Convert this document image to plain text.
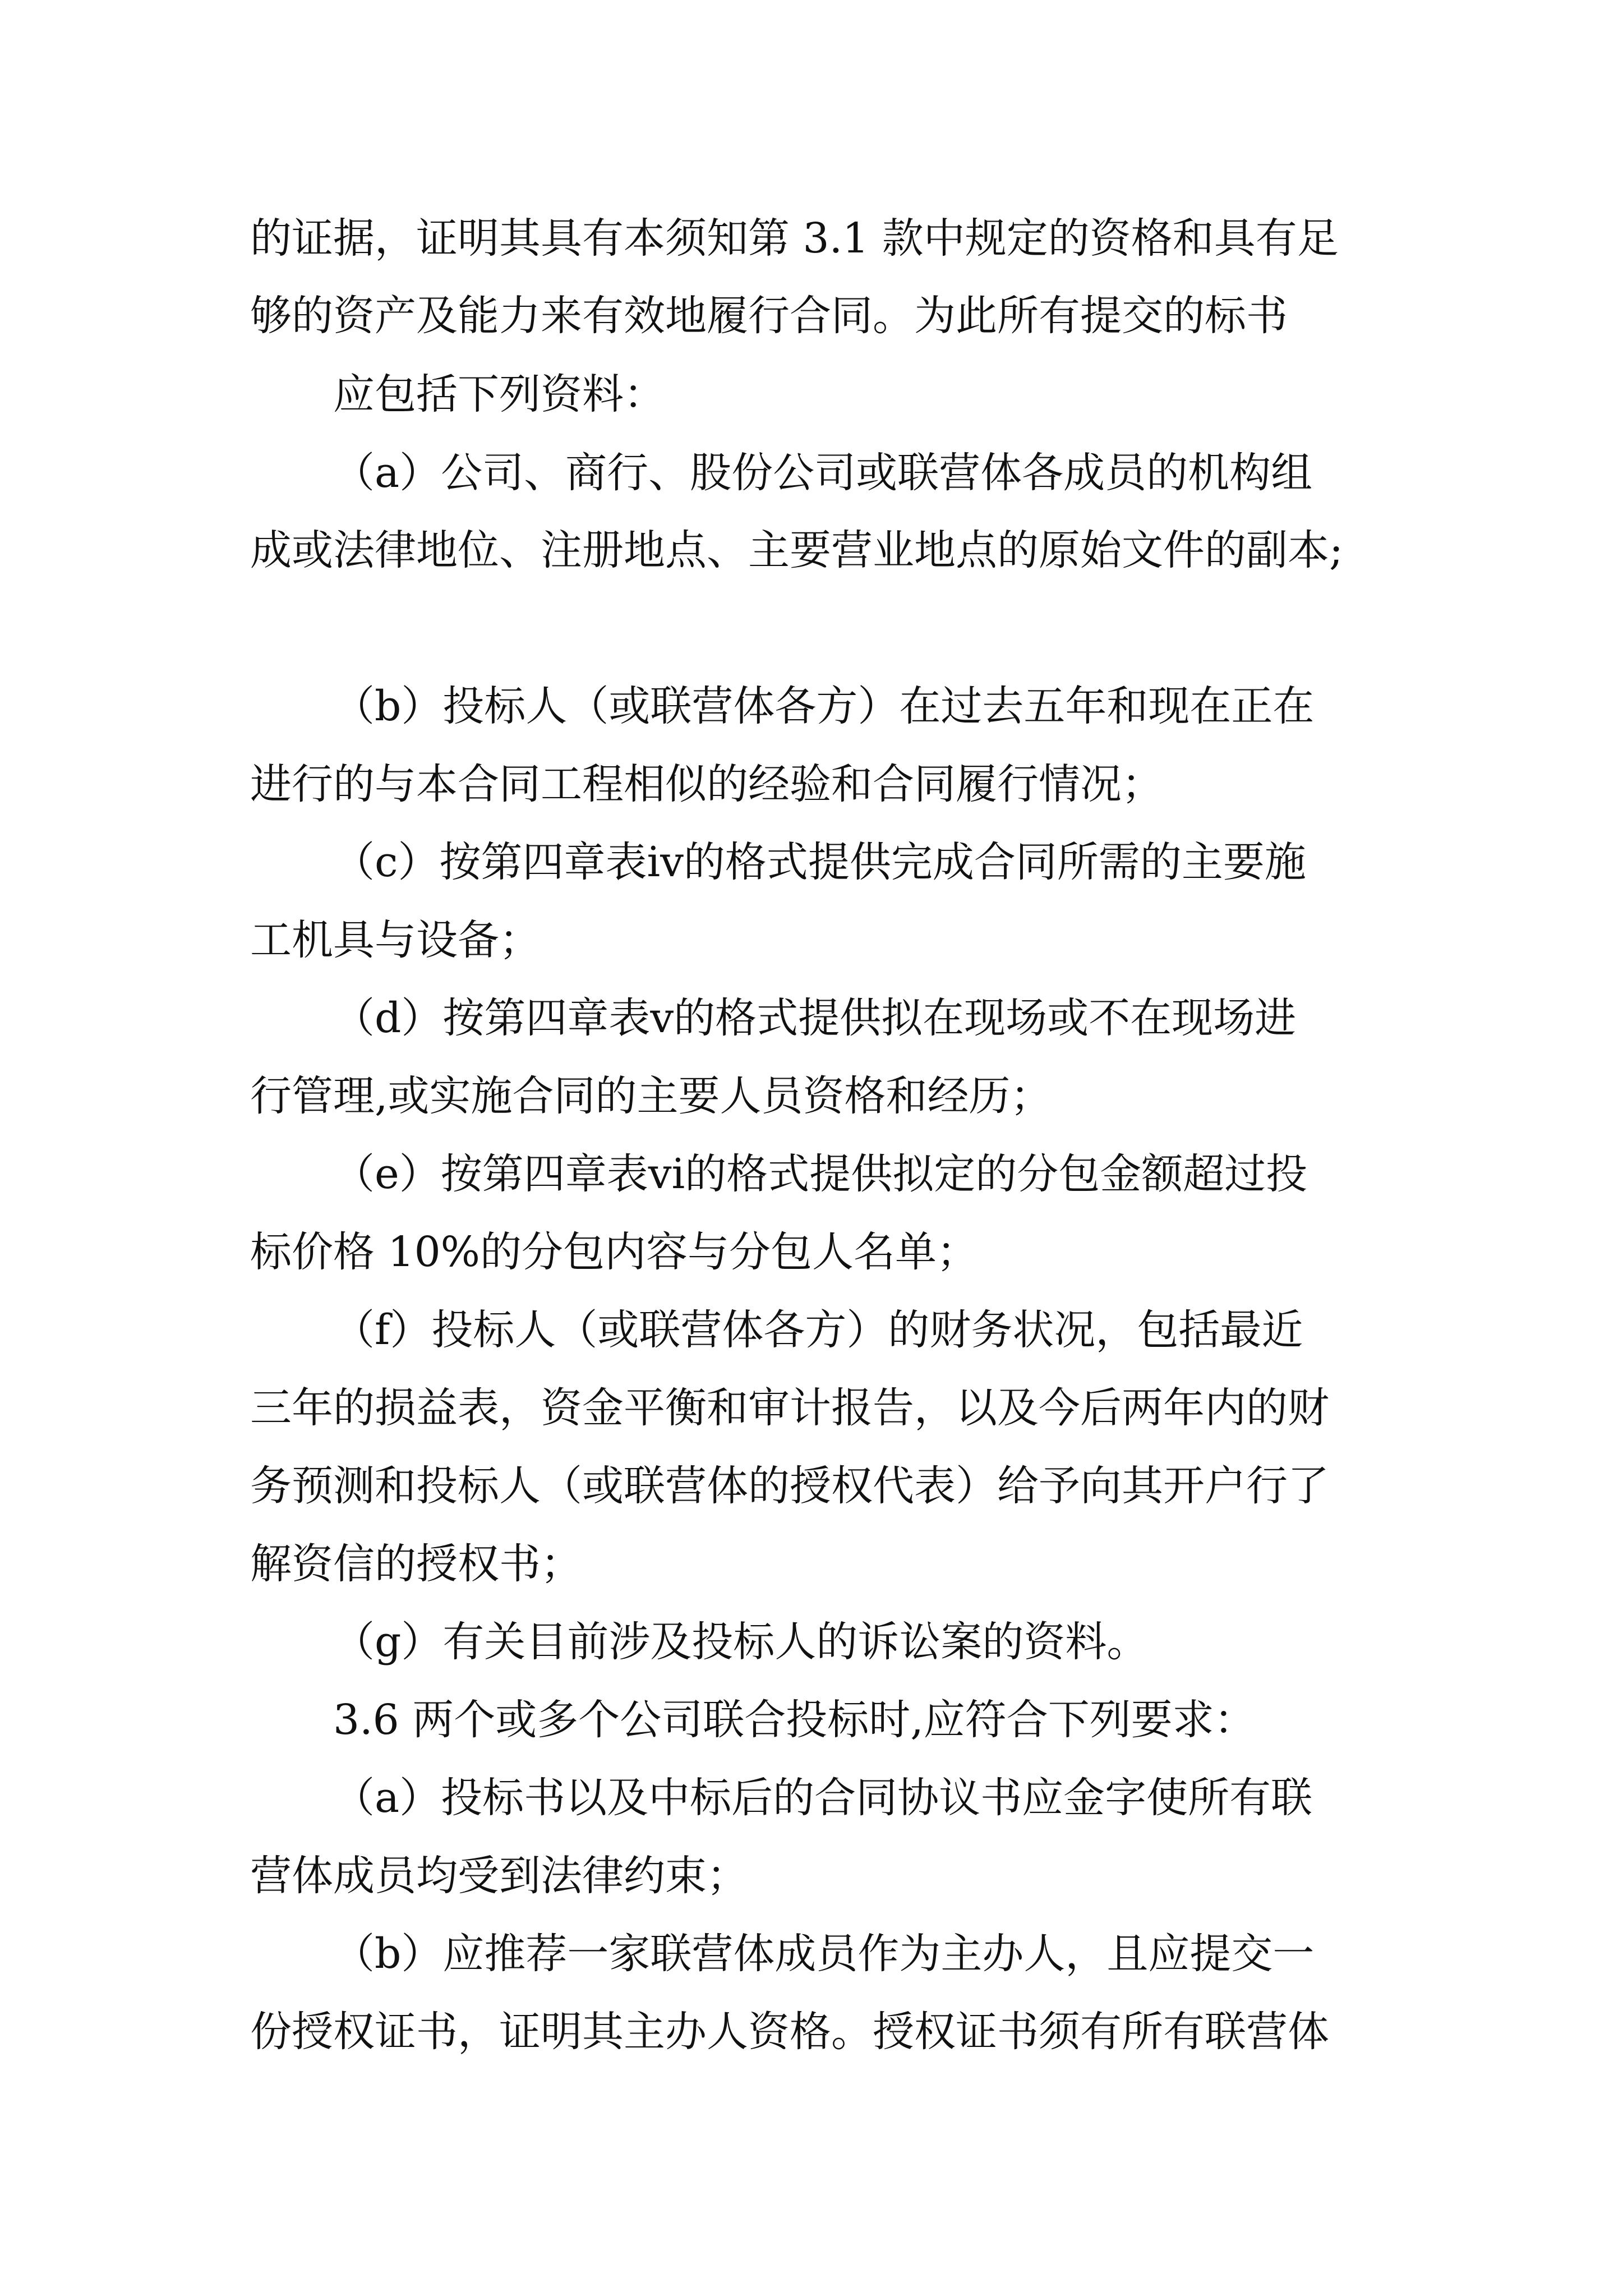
的证据，证明其具有本须知第 3.1 款中规定的资格和具有足
够的资产及能力来有效地履行合同。为此所有提交的标书
应包括下列资料：
（a）公司、商行、股份公司或联营体各成员的机构组
成或法律地位、注册地点、主要营业地点的原始文件的副本;
（b）投标人（或联营体各方）在过去五年和现在正在
进行的与本合同工程相似的经验和合同履行情况；
（c）按第四章表ⅳ的格式提供完成合同所需的主要施
工机具与设备；
（d）按第四章表ⅴ的格式提供拟在现场或不在现场进
行管理,或实施合同的主要人员资格和经历；
（e）按第四章表ⅵ的格式提供拟定的分包金额超过投
标价格 10%的分包内容与分包人名单；
（f）投标人（或联营体各方）的财务状况，包括最近
三年的损益表，资金平衡和审计报告，以及今后两年内的财
务预测和投标人（或联营体的授权代表）给予向其开户行了
解资信的授权书；
（g）有关目前涉及投标人的诉讼案的资料。
3.6 两个或多个公司联合投标时,应符合下列要求：
（a）投标书以及中标后的合同协议书应金字使所有联
营体成员均受到法律约束；
（b）应推荐一家联营体成员作为主办人，且应提交一
份授权证书，证明其主办人资格。授权证书须有所有联营体
